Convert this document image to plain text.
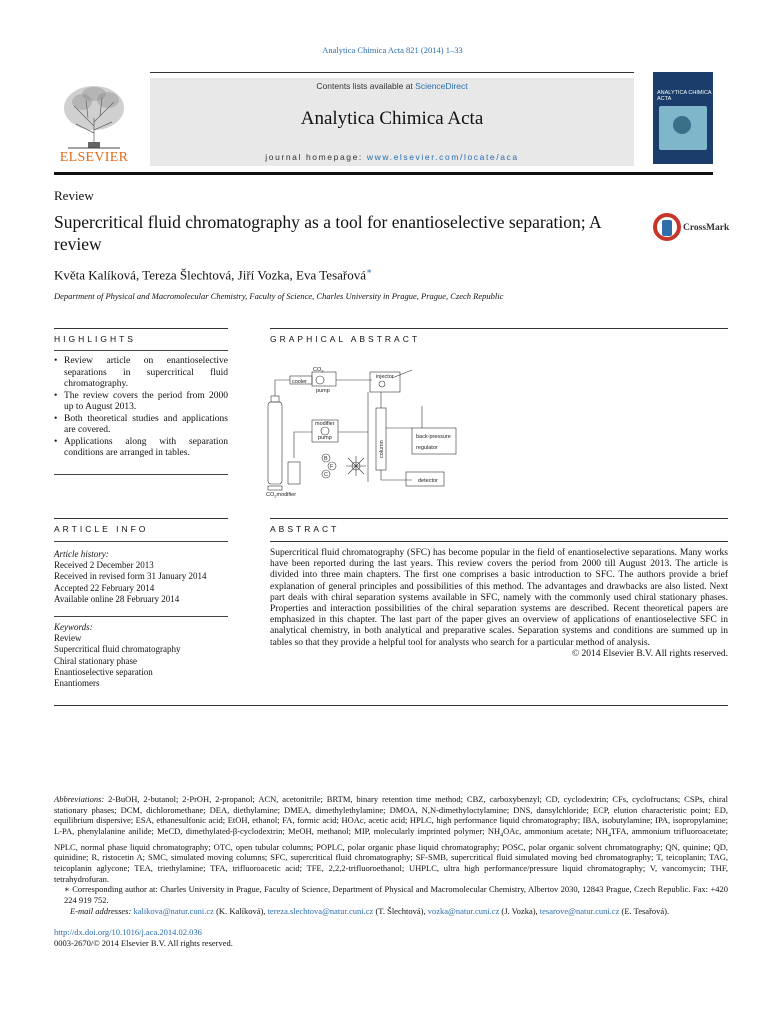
Analytica Chimica Acta 821 (2014) 1–33
ELSEVIER
Contents lists available at ScienceDirect
Analytica Chimica Acta
journal homepage: www.elsevier.com/locate/aca
ANALYTICA CHIMICA ACTA
Review
Supercritical fluid chromatography as a tool for enantioselective separation; A review
CrossMark
Květa Kalíková, Tereza Šlechtová, Jiří Vozka, Eva Tesařová∗
Department of Physical and Macromolecular Chemistry, Faculty of Science, Charles University in Prague, Prague, Czech Republic
HIGHLIGHTS	GRAPHICAL ABSTRACT
• Review article on enantioselective separations in supercritical fluid chromatography.
• The review covers the period from 2000 up to August 2013.
• Both theoretical studies and applications are covered.
• Applications along with separation conditions are arranged in tables.
$CO_2$
cooler
pump
injector
modifier
pump
column
back-pressure
regulator
detector
$CO_2modifier$
B
F
C
ARTICLE INFO	ABSTRACT
Article history:
Received 2 December 2013
Received in revised form 31 January 2014
Accepted 22 February 2014
Available online 28 February 2014
Keywords:
Review
Supercritical fluid chromatography
Chiral stationary phase
Enantioselective separation
Enantiomers
Supercritical fluid chromatography (SFC) has become popular in the field of enantioselective separations. Many works have been reported during the last years. This review covers the period from 2000 till August 2013. The article is divided into three main chapters. The first one comprises a basic introduction to SFC. The authors provide a brief explanation of general principles and possibilities of this method. The advantages and drawbacks are also listed. Next part deals with chiral separation systems available in SFC, namely with the commonly used chiral stationary phases. Properties and interaction possibilities of the chiral separation systems are described. Recent theoretical papers are emphasized in this chapter. The last part of the paper gives an overview of applications of enantioselective SFC in analytical chemistry, in both analytical and preparative scales. Separation systems and conditions are summed up in tables so that they provide a helpful tool for analysts who search for a particular method of analysis.
© 2014 Elsevier B.V. All rights reserved.
Abbreviations: 2-BuOH, 2-butanol; 2-PrOH, 2-propanol; ACN, acetonitrile; BRTM, binary retention time method; CBZ, carboxybenzyl; CD, cyclodextrin; CFs, cyclofructans; CSPs, chiral stationary phases; DCM, dichloromethane; DEA, diethylamine; DMEA, dimethylethylamine; DMOA, N,N-dimethyloctylamine; DNS, dansylchloride; ECP, elution characteristic point; ED, equilibrium dispersive; ESA, ethanesulfonic acid; EtOH, ethanol; FA, formic acid; HOAc, acetic acid; HPLC, high performance liquid chromatography; IBA, isobutylamine; IPA, isopropylamine; L-PA, phenylalanine anilide; MeCD, dimethylated-β-cyclodextrin; MeOH, methanol; MIP, molecularly imprinted polymer; $NH_4OAc$, ammonium acetate; $NH_4TFA$, ammonium trifluoroacetate; NPLC, normal phase liquid chromatography; OTC, open tubular columns; POPLC, polar organic phase liquid chromatography; POSC, polar organic solvent chromatography; QN, quinine; QD, quinidine; R, ristocetin A; SMC, simulated moving columns; SFC, supercritical fluid chromatography; SF-SMB, supercritical fluid simulated moving bed chromatography; T, teicoplanin; TAG, teicoplanin aglycone; TEA, triethylamine; TFA, trifluoroacetic acid; TFE, 2,2,2-trifluoroethanol; UHPLC, ultra high performance/pressure liquid chromatography; V, vancomycin; THF, tetrahydrofuran.
∗ Corresponding author at: Charles University in Prague, Faculty of Science, Department of Physical and Macromolecular Chemistry, Albertov 2030, 12843 Prague, Czech Republic. Fax: +420 224 919 752.
E-mail addresses: kalikova@natur.cuni.cz (K. Kalíková), tereza.slechtova@natur.cuni.cz (T. Šlechtová), vozka@natur.cuni.cz (J. Vozka), tesarove@natur.cuni.cz (E. Tesařová).
http://dx.doi.org/10.1016/j.aca.2014.02.036
0003-2670/© 2014 Elsevier B.V. All rights reserved.
